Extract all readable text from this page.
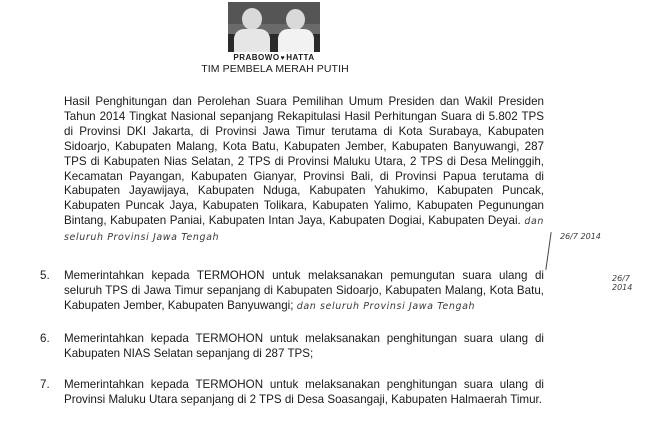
PRABOWO♥HATTA
TIM PEMBELA MERAH PUTIH
Hasil Penghitungan dan Perolehan Suara Pemilihan Umum Presiden dan Wakil Presiden Tahun 2014 Tingkat Nasional sepanjang Rekapitulasi Hasil Perhitungan Suara di 5.802 TPS di Provinsi DKI Jakarta, di Provinsi Jawa Timur terutama di Kota Surabaya, Kabupaten Sidoarjo, Kabupaten Malang, Kota Batu, Kabupaten Jember, Kabupaten Banyuwangi, 287 TPS di Kabupaten Nias Selatan, 2 TPS di Provinsi Maluku Utara, 2 TPS di Desa Melinggih, Kecamatan Payangan, Kabupaten Gianyar, Provinsi Bali, di Provinsi Papua terutama di Kabupaten Jayawijaya, Kabupaten Nduga, Kabupaten Yahukimo, Kabupaten Puncak, Kabupaten Puncak Jaya, Kabupaten Tolikara, Kabupaten Yalimo, Kabupaten Pegunungan Bintang, Kabupaten Paniai, Kabupaten Intan Jaya, Kabupaten Dogiai, Kabupaten Deyai. dan seluruh Provinsi Jawa Tengah	26/7 2014
5. Memerintahkan kepada TERMOHON untuk melaksanakan pemungutan suara ulang di seluruh TPS di Jawa Timur sepanjang di Kabupaten Sidoarjo, Kabupaten Malang, Kota Batu, Kabupaten Jember, Kabupaten Banyuwangi; dan seluruh Provinsi Jawa Tengah
26/7 2014
6. Memerintahkan kepada TERMOHON untuk melaksanakan penghitungan suara ulang di Kabupaten NIAS Selatan sepanjang di 287 TPS;
7. Memerintahkan kepada TERMOHON untuk melaksanakan penghitungan suara ulang di Provinsi Maluku Utara sepanjang di 2 TPS di Desa Soasangaji, Kabupaten Halmaerah Timur.
